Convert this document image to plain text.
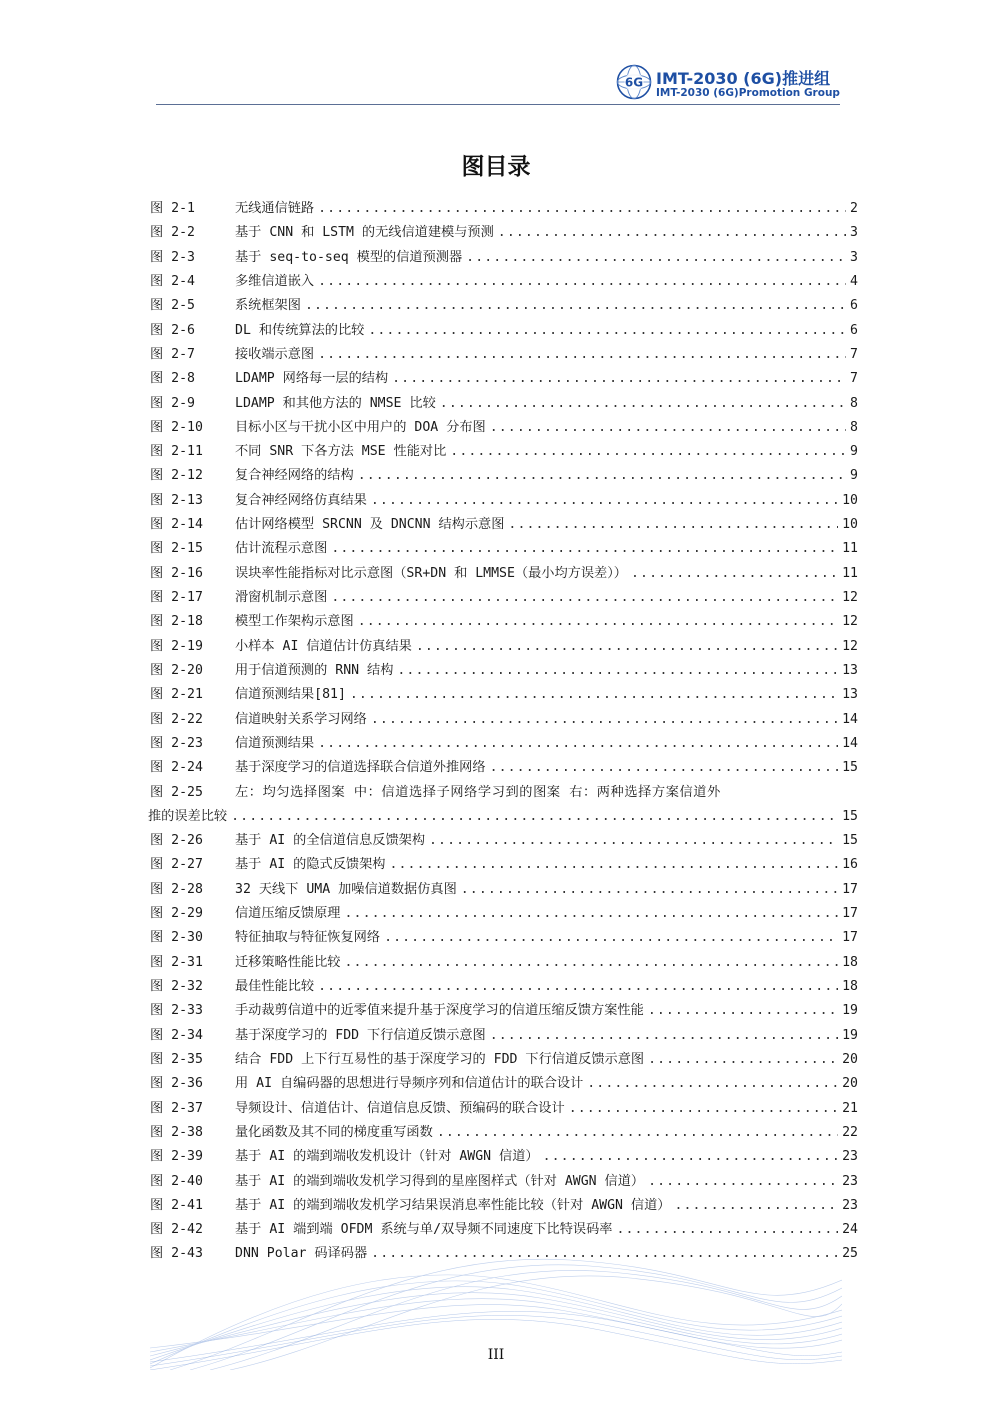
6G IMT-2030 (6G)推进组
IMT-2030 (6G)Promotion Group
图目录
图 2-1	无线通信链路 .....	2
图 2-2	基于 CNN 和 LSTM 的无线信道建模与预测 .....	3
图 2-3	基于 seq-to-seq 模型的信道预测器 .....	3
图 2-4	多维信道嵌入 .....	4
图 2-5	系统框架图 .....	6
图 2-6	DL 和传统算法的比较 .....	6
图 2-7	接收端示意图 .....	7
图 2-8	LDAMP 网络每一层的结构 .....	7
图 2-9	LDAMP 和其他方法的 NMSE 比较 .....	8
图 2-10	目标小区与干扰小区中用户的 DOA 分布图 .....	8
图 2-11	不同 SNR 下各方法 MSE 性能对比 .....	9
图 2-12	复合神经网络的结构 .....	9
图 2-13	复合神经网络仿真结果 .....	10
图 2-14	估计网络模型 SRCNN 及 DNCNN 结构示意图 .....	10
图 2-15	估计流程示意图 .....	11
图 2-16	误块率性能指标对比示意图（SR+DN 和 LMMSE（最小均方误差）） .....	11
图 2-17	滑窗机制示意图 .....	12
图 2-18	模型工作架构示意图 .....	12
图 2-19	小样本 AI 信道估计仿真结果 .....	12
图 2-20	用于信道预测的 RNN 结构 .....	13
图 2-21	信道预测结果[81] .....	13
图 2-22	信道映射关系学习网络 .....	14
图 2-23	信道预测结果 .....	14
图 2-24	基于深度学习的信道选择联合信道外推网络 .....	15
图 2-25	左：均匀选择图案 中：信道选择子网络学习到的图案 右：两种选择方案信道外
推的误差比较 .....	15
图 2-26	基于 AI 的全信道信息反馈架构 .....	15
图 2-27	基于 AI 的隐式反馈架构 .....	16
图 2-28	32 天线下 UMA 加噪信道数据仿真图 .....	17
图 2-29	信道压缩反馈原理 .....	17
图 2-30	特征抽取与特征恢复网络 .....	17
图 2-31	迁移策略性能比较 .....	18
图 2-32	最佳性能比较 .....	18
图 2-33	手动裁剪信道中的近零值来提升基于深度学习的信道压缩反馈方案性能 .....	19
图 2-34	基于深度学习的 FDD 下行信道反馈示意图 .....	19
图 2-35	结合 FDD 上下行互易性的基于深度学习的 FDD 下行信道反馈示意图 .....	20
图 2-36	用 AI 自编码器的思想进行导频序列和信道估计的联合设计 .....	20
图 2-37	导频设计、信道估计、信道信息反馈、预编码的联合设计 .....	21
图 2-38	量化函数及其不同的梯度重写函数 .....	22
图 2-39	基于 AI 的端到端收发机设计（针对 AWGN 信道） .....	23
图 2-40	基于 AI 的端到端收发机学习得到的星座图样式（针对 AWGN 信道） .....	23
图 2-41	基于 AI 的端到端收发机学习结果误消息率性能比较（针对 AWGN 信道） .....	23
图 2-42	基于 AI 端到端 OFDM 系统与单/双导频不同速度下比特误码率 .....	24
图 2-43	DNN Polar 码译码器 .....	25
III
